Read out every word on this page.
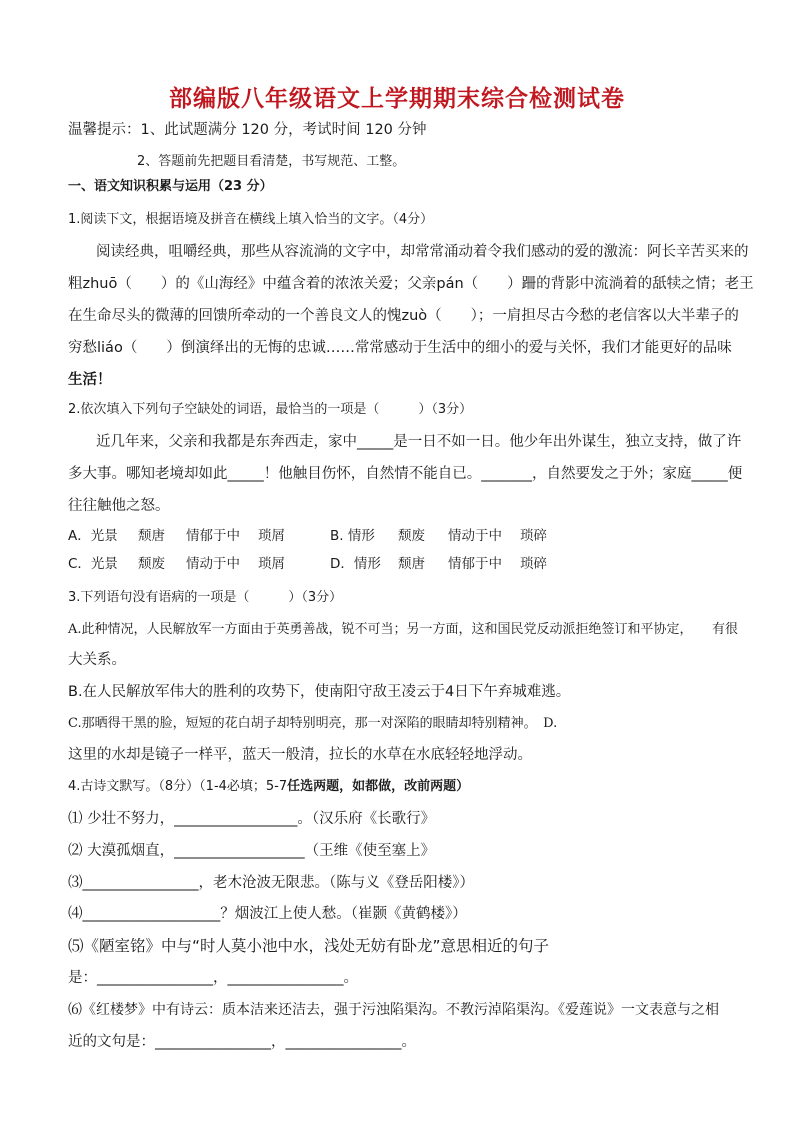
部编版八年级语文上学期期末综合检测试卷
温馨提示：1、此试题满分 120 分，考试时间 120 分钟
2、答题前先把题目看清楚，书写规范、工整。
一、语文知识积累与运用（23 分）
1.阅读下文，根据语境及拼音在横线上填入恰当的文字。（4分）
阅读经典，咀嚼经典，那些从容流淌的文字中，却常常涌动着令我们感动的爱的激流：阿长辛苦买来的
粗zhuō（　　）的《山海经》中蕴含着的浓浓关爱；父亲pán（　　）跚的背影中流淌着的舐犊之情；老王
在生命尽头的微薄的回馈所牵动的一个善良文人的愧zuò（　　）；一肩担尽古今愁的老信客以大半辈子的
穷愁liáo（　　）倒演绎出的无悔的忠诚……常常感动于生活中的细小的爱与关怀，我们才能更好的品味
生活！
2.依次填入下列句子空缺处的词语，最恰当的一项是（　　　）（3分）
近几年来，父亲和我都是东奔西走，家中_____是一日不如一日。他少年出外谋生，独立支持，做了许
多大事。哪知老境却如此_____！他触目伤怀，自然情不能自已。_______，自然要发之于外；家庭_____便
往往触他之怒。
A．光景 颓唐 情郁于中 琐屑	B. 情形 颓废 情动于中 琐碎
C．光景 颓废 情动于中 琐屑	D．情形 颓唐 情郁于中 琐碎
3.下列语句没有语病的一项是（　　　）（3分）
A.此种情况，人民解放军一方面由于英勇善战，锐不可当；另一方面，这和国民党反动派拒绝签订和平协定，　　有很
大关系。
B.在人民解放军伟大的胜利的攻势下，使南阳守敌王凌云于4日下午弃城难逃。
C.那晒得干黑的脸，短短的花白胡子却特别明亮，那一对深陷的眼睛却特别精神。　D.
这里的水却是镜子一样平，蓝天一般清，拉长的水草在水底轻轻地浮动。
4.古诗文默写。（8分）（1-4必填；5-7任选两题，如都做，改前两题）
⑴ 少壮不努力，_________________。（汉乐府《长歌行》
⑵ 大漠孤烟直，__________________（王维《使至塞上》
⑶________________，老木沧波无限悲。（陈与义《登岳阳楼》）
⑷___________________？烟波江上使人愁。（崔颢《黄鹤楼》）
⑸《陋室铭》中与“时人莫小池中水，浅处无妨有卧龙”意思相近的句子
是：________________，________________。
⑹《红楼梦》中有诗云：质本洁来还洁去，强于污浊陷渠沟。不教污淖陷渠沟。《爱莲说》一文表意与之相
近的文句是：________________，________________。
